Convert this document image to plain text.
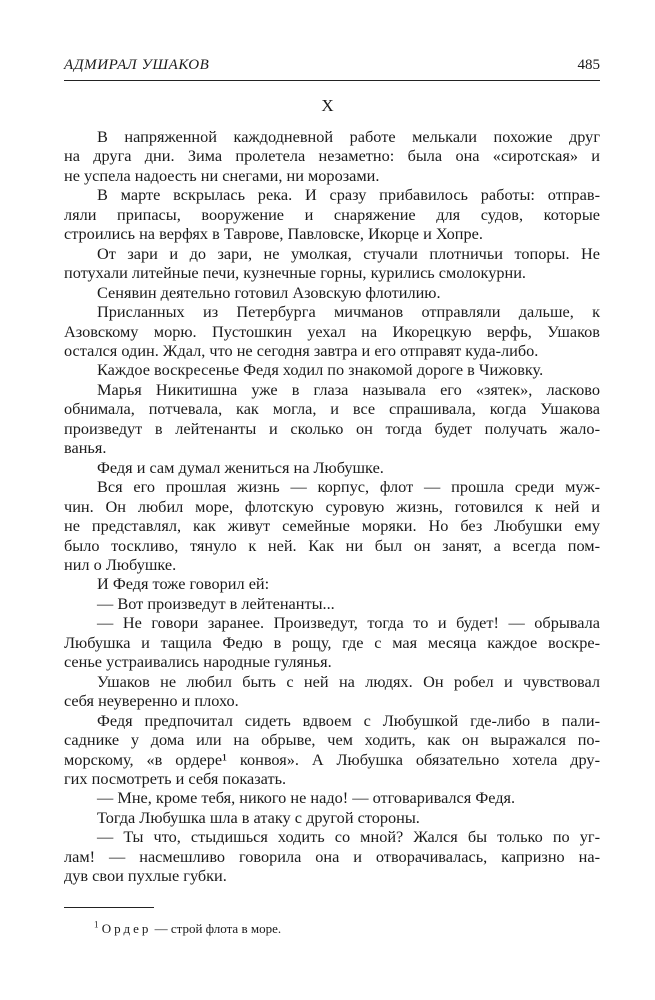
АДМИРАЛ УШАКОВ	485
X
В напряженной каждодневной работе мелькали похожие друг
на друга дни. Зима пролетела незаметно: была она «сиротская» и
не успела надоесть ни снегами, ни морозами.
В марте вскрылась река. И сразу прибавилось работы: отправ-
ляли припасы, вооружение и снаряжение для судов, которые
строились на верфях в Таврове, Павловске, Икорце и Хопре.
От зари и до зари, не умолкая, стучали плотничьи топоры. Не
потухали литейные печи, кузнечные горны, курились смолокурни.
Сенявин деятельно готовил Азовскую флотилию.
Присланных из Петербурга мичманов отправляли дальше, к
Азовскому морю. Пустошкин уехал на Икорецкую верфь, Ушаков
остался один. Ждал, что не сегодня завтра и его отправят куда-либо.
Каждое воскресенье Федя ходил по знакомой дороге в Чижовку.
Марья Никитишна уже в глаза называла его «зятек», ласково
обнимала, потчевала, как могла, и все спрашивала, когда Ушакова
произведут в лейтенанты и сколько он тогда будет получать жало-
ванья.
Федя и сам думал жениться на Любушке.
Вся его прошлая жизнь — корпус, флот — прошла среди муж-
чин. Он любил море, флотскую суровую жизнь, готовился к ней и
не представлял, как живут семейные моряки. Но без Любушки ему
было тоскливо, тянуло к ней. Как ни был он занят, а всегда пом-
нил о Любушке.
И Федя тоже говорил ей:
— Вот произведут в лейтенанты...
— Не говори заранее. Произведут, тогда то и будет! — обрывала
Любушка и тащила Федю в рощу, где с мая месяца каждое воскре-
сенье устраивались народные гулянья.
Ушаков не любил быть с ней на людях. Он робел и чувствовал
себя неуверенно и плохо.
Федя предпочитал сидеть вдвоем с Любушкой где-либо в пали-
саднике у дома или на обрыве, чем ходить, как он выражался по-
морскому, «в ордере¹ конвоя». А Любушка обязательно хотела дру-
гих посмотреть и себя показать.
— Мне, кроме тебя, никого не надо! — отговаривался Федя.
Тогда Любушка шла в атаку с другой стороны.
— Ты что, стыдишься ходить со мной? Жался бы только по уг-
лам! — насмешливо говорила она и отворачивалась, капризно на-
дув свои пухлые губки.
$^1$ Ордер — строй флота в море.
